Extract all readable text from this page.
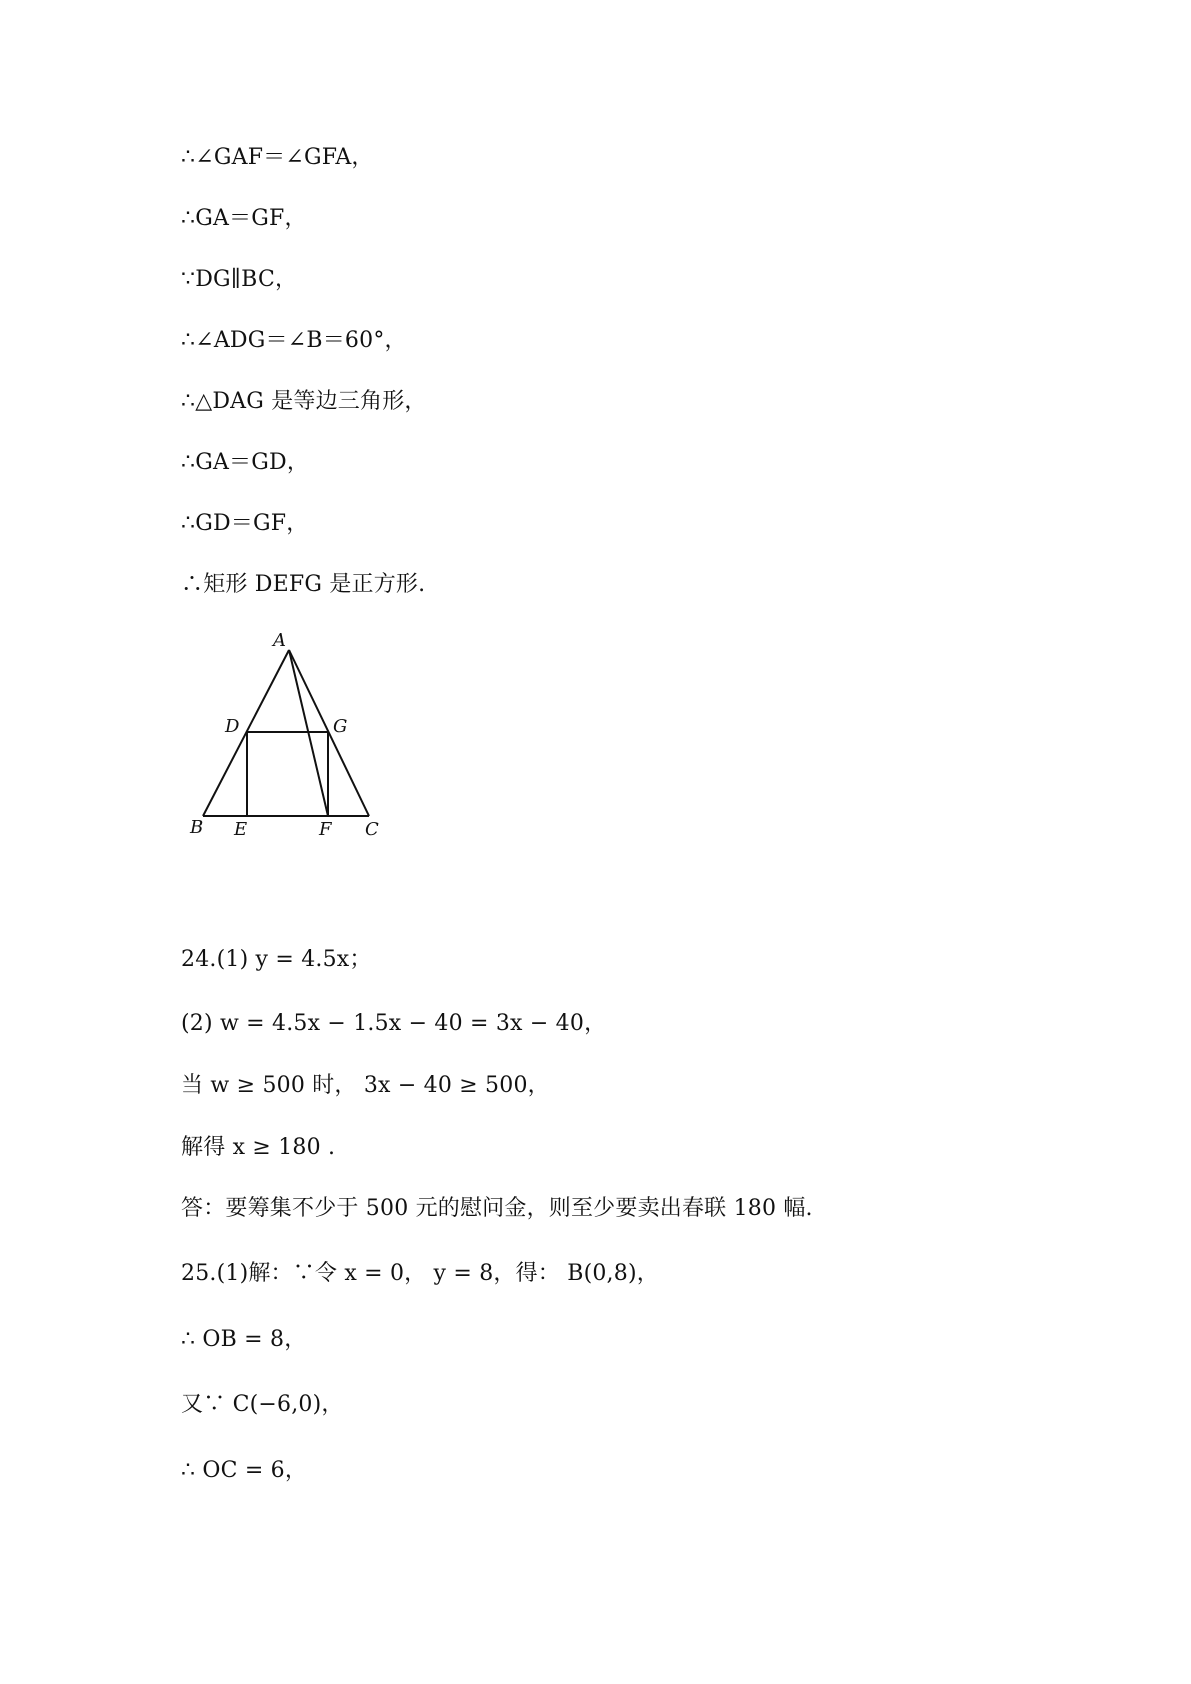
∴∠GAF＝∠GFA，
∴GA＝GF，
∵DG∥BC，
∴∠ADG＝∠B＝60°，
∴△DAG 是等边三角形，
∴GA＝GD，
∴GD＝GF，
∴矩形 DEFG 是正方形.
A
D	G
B E	F C
24.(1) y = 4.5x；
(2) w = 4.5x − 1.5x − 40 = 3x − 40，
当 w ≥ 500 时， 3x − 40 ≥ 500，
解得 x ≥ 180 .
答：要筹集不少于 500 元的慰问金，则至少要卖出春联 180 幅.
25.(1)解：∵令 x = 0， y = 8，得： B(0,8)，
∴ OB = 8，
又∵ C(−6,0)，
∴ OC = 6，
